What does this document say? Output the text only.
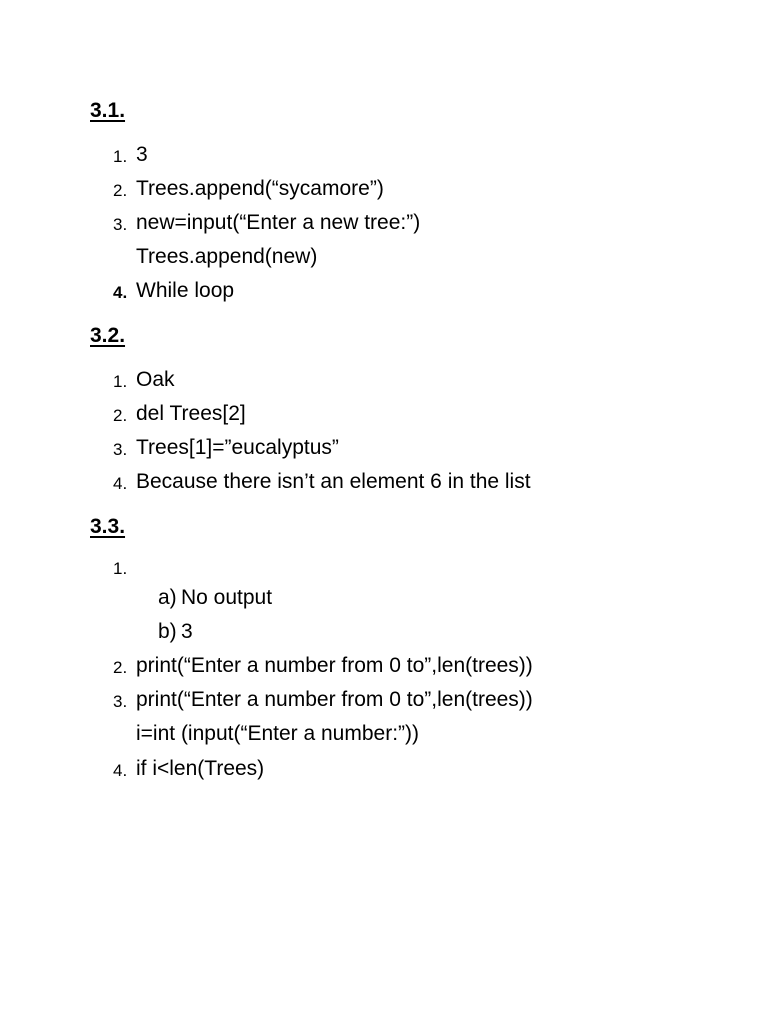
3.1.
1. 3
2. Trees.append(“sycamore”)
3. new=input(“Enter a new tree:”)
Trees.append(new)
4. While loop
3.2.
1. Oak
2. del Trees[2]
3. Trees[1]=”eucalyptus”
4. Because there isn’t an element 6 in the list
3.3.
1.
a) No output
b) 3
2. print(“Enter a number from 0 to”,len(trees))
3. print(“Enter a number from 0 to”,len(trees))
i=int (input(“Enter a number:”))
4. if i<len(Trees)
